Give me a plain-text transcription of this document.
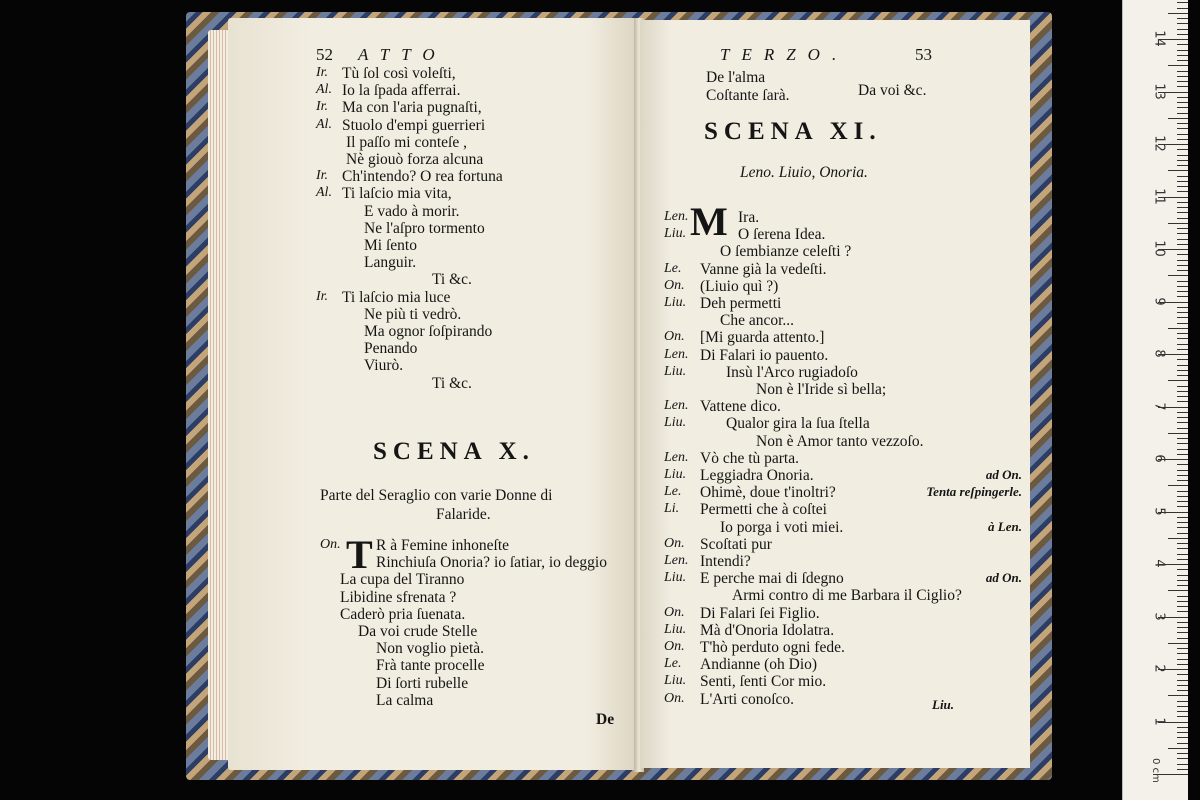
14
13
12
11
10
9
8
7
6
5
4
3
2
1
0 cm
52 ATTO
Ir. Tù ſol così voleſti,
Al. Io la ſpada afferrai.
Ir. Ma con l'aria pugnaſti,
Al. Stuolo d'empi guerrieri
Il paſſo mi conteſe ,
Nè giouò forza alcuna
Ir. Ch'intendo? O rea fortuna
Al. Ti laſcio mia vita,
E vado à morir.
Ne l'aſpro tormento
Mi ſento
Languir.
Ti &c.
Ir. Ti laſcio mia luce
Ne più ti vedrò.
Ma ognor ſoſpirando
Penando
Viurò.
Ti &c.
SCENA X.
Parte del Seraglio con varie Donne di
Falaride.
T
On. R à Femine inhoneſte
Rinchiuſa Onoria? io ſatiar, io deggio
La cupa del Tiranno
Libidine sfrenata ?
Caderò pria ſuenata.
Da voi crude Stelle
Non voglio pietà.
Frà tante procelle
Di ſorti rubelle
La calma
De
TERZO.	53
De l'alma
Coſtante ſarà.	Da voi &c.
SCENA XI.
Leno. Liuio, Onoria.
M
Len.	Ira.
Liu.	O ſerena Idea.
O ſembianze celeſti ?
Le. Vanne già la vedeſti.
On. (Liuio quì ?)
Liu. Deh permetti
Che ancor...
On. [Mi guarda attento.]
Len. Di Falari io pauento.
Liu.	Insù l'Arco rugiadoſo
Non è l'Iride sì bella;
Len. Vattene dico.
Liu.	Qualor gira la ſua ſtella
Non è Amor tanto vezzoſo.
Len. Vò che tù parta.
Liu. Leggiadra Onoria.	ad On.
Le. Ohimè, doue t'inoltri?	Tenta reſpingerle.
Li. Permetti che à coſtei
Io porga i voti miei.	à Len.
On. Scoſtati pur
Len. Intendi?
Liu. E perche mai di ſdegno	ad On.
Armi contro di me Barbara il Ciglio?
On. Di Falari ſei Figlio.
Liu. Mà d'Onoria Idolatra.
On. T'hò perduto ogni fede.
Le. Andianne (oh Dio)
Liu. Senti, ſenti Cor mio.
On. L'Arti conoſco.	Liu.
